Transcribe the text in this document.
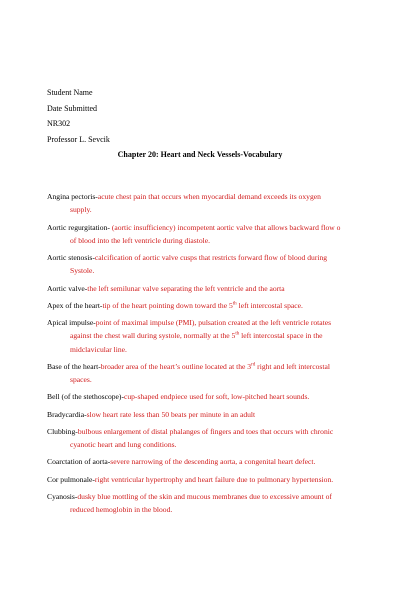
Student Name
Date Submitted
NR302
Professor L. Sevcik
Chapter 20: Heart and Neck Vessels-Vocabulary
Angina pectoris-acute chest pain that occurs when myocardial demand exceeds its oxygen
supply.
Aortic regurgitation- (aortic insufficiency) incompetent aortic valve that allows backward flow o
of blood into the left ventricle during diastole.
Aortic stenosis-calcification of aortic valve cusps that restricts forward flow of blood during
Systole.
Aortic valve-the left semilunar valve separating the left ventricle and the aorta
Apex of the heart-tip of the heart pointing down toward the 5th left intercostal space.
Apical impulse-point of maximal impulse (PMI), pulsation created at the left ventricle rotates
against the chest wall during systole, normally at the 5th left intercostal space in the
midclavicular line.
Base of the heart-broader area of the heart’s outline located at the 3rd right and left intercostal
spaces.
Bell (of the stethoscope)-cup-shaped endpiece used for soft, low-pitched heart sounds.
Bradycardia-slow heart rate less than 50 beats per minute in an adult
Clubbing-bulbous enlargement of distal phalanges of fingers and toes that occurs with chronic
cyanotic heart and lung conditions.
Coarctation of aorta-severe narrowing of the descending aorta, a congenital heart defect.
Cor pulmonale-right ventricular hypertrophy and heart failure due to pulmonary hypertension.
Cyanosis-dusky blue mottling of the skin and mucous membranes due to excessive amount of
reduced hemoglobin in the blood.
